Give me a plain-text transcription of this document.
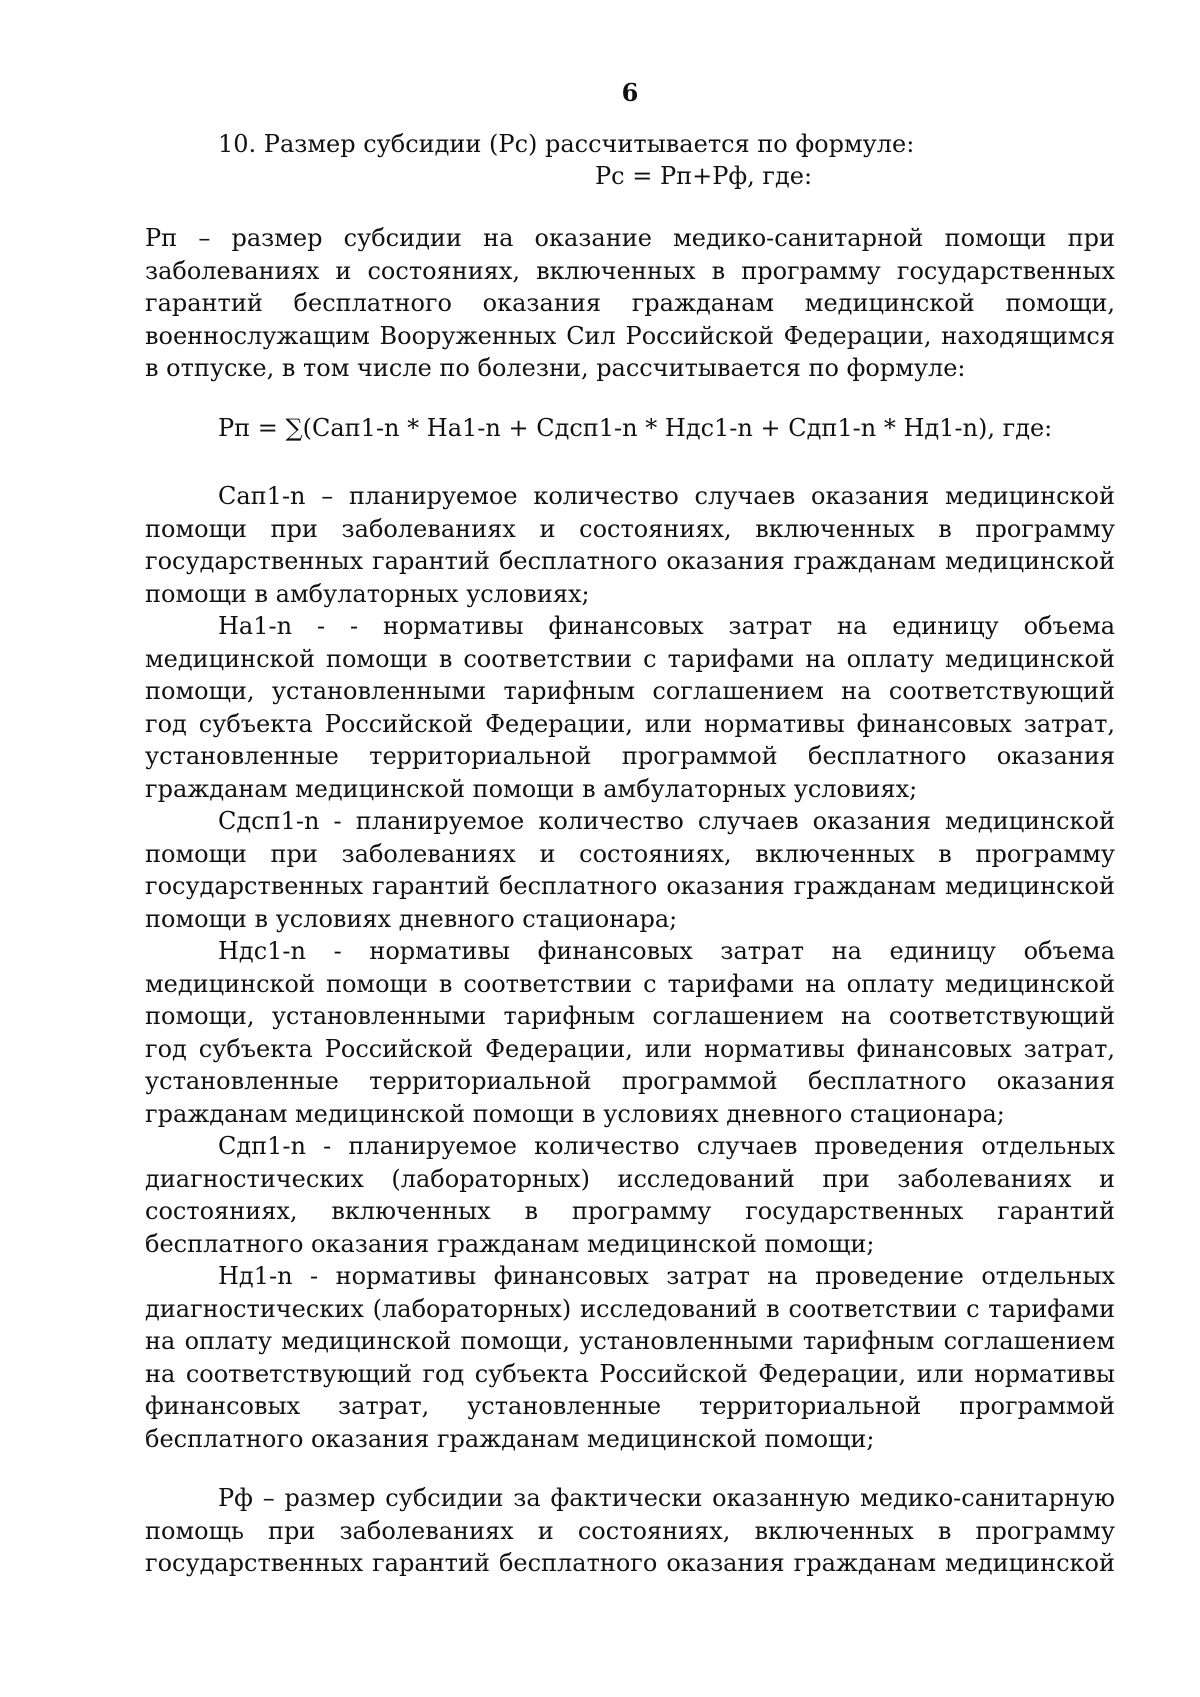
6
10. Размер субсидии (Рс) рассчитывается по формуле:
Рс = Рп+Рф, где:
Рп – размер субсидии на оказание медико-санитарной помощи при заболеваниях и состояниях, включенных в программу государственных гарантий бесплатного оказания гражданам медицинской помощи, военнослужащим Вооруженных Сил Российской Федерации, находящимся в отпуске, в том числе по болезни, рассчитывается по формуле:
Рп = ∑(Сап1-n * На1-n + Сдсп1-n * Ндс1-n + Сдп1-n * Нд1-n), где:
Сап1-n – планируемое количество случаев оказания медицинской помощи при заболеваниях и состояниях, включенных в программу государственных гарантий бесплатного оказания гражданам медицинской помощи в амбулаторных условиях;
На1-n - - нормативы финансовых затрат на единицу объема медицинской помощи в соответствии с тарифами на оплату медицинской помощи, установленными тарифным соглашением на соответствующий год субъекта Российской Федерации, или нормативы финансовых затрат, установленные территориальной программой бесплатного оказания гражданам медицинской помощи в амбулаторных условиях;
Сдсп1-n - планируемое количество случаев оказания медицинской помощи при заболеваниях и состояниях, включенных в программу государственных гарантий бесплатного оказания гражданам медицинской помощи в условиях дневного стационара;
Ндс1-n - нормативы финансовых затрат на единицу объема медицинской помощи в соответствии с тарифами на оплату медицинской помощи, установленными тарифным соглашением на соответствующий год субъекта Российской Федерации, или нормативы финансовых затрат, установленные территориальной программой бесплатного оказания гражданам медицинской помощи в условиях дневного стационара;
Сдп1-n - планируемое количество случаев проведения отдельных диагностических (лабораторных) исследований при заболеваниях и состояниях, включенных в программу государственных гарантий бесплатного оказания гражданам медицинской помощи;
Нд1-n - нормативы финансовых затрат на проведение отдельных диагностических (лабораторных) исследований в соответствии с тарифами на оплату медицинской помощи, установленными тарифным соглашением на соответствующий год субъекта Российской Федерации, или нормативы финансовых затрат, установленные территориальной программой бесплатного оказания гражданам медицинской помощи;
Рф – размер субсидии за фактически оказанную медико-санитарную
помощь при заболеваниях и состояниях, включенных в программу
государственных гарантий бесплатного оказания гражданам медицинской
